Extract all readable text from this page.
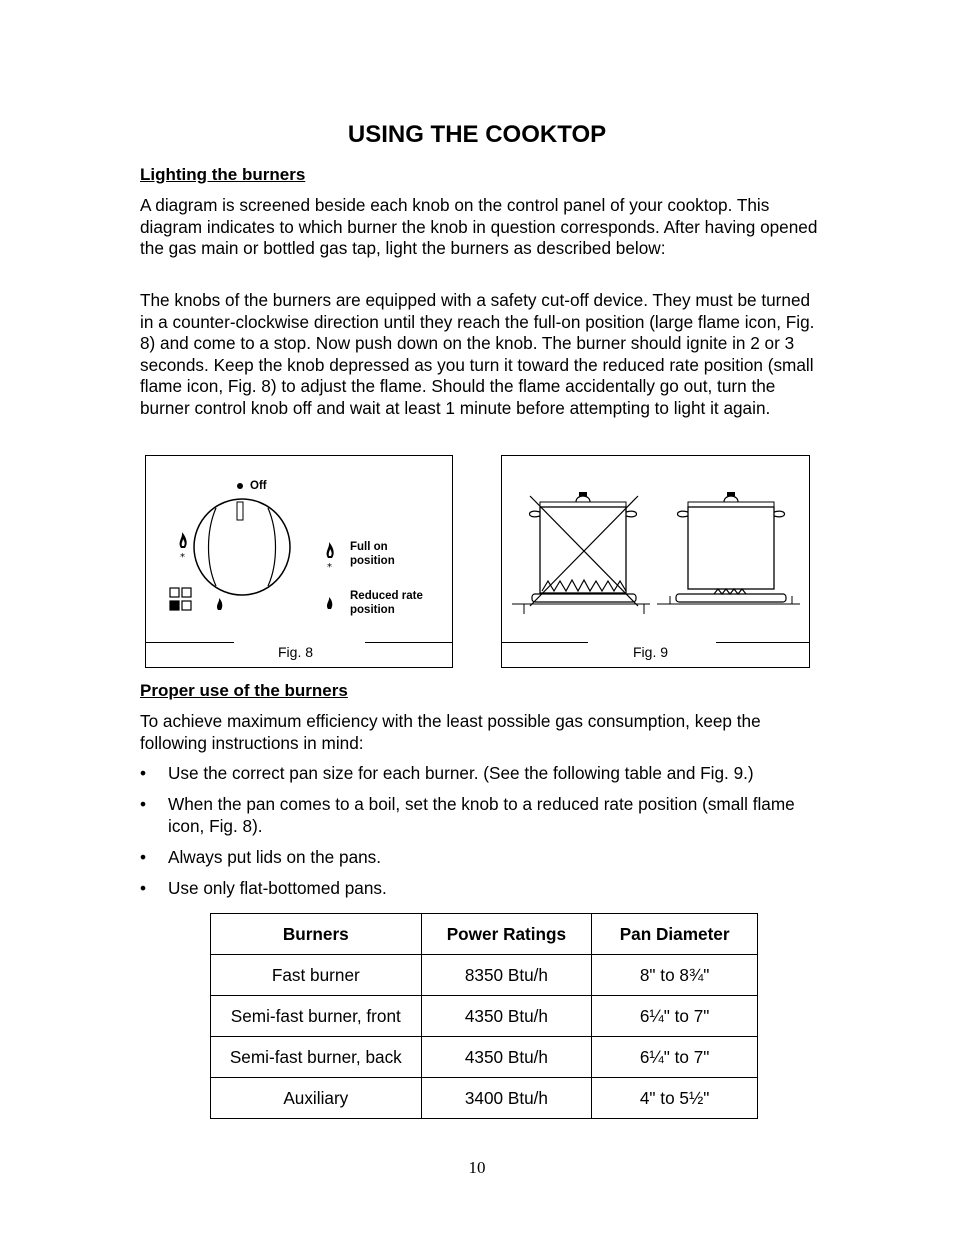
USING THE COOKTOP
Lighting the burners
A diagram is screened beside each knob on the control panel of your cooktop. This diagram indicates to which burner the knob in question corresponds. After having opened the gas main or bottled gas tap, light the burners as described below:
The knobs of the burners are equipped with a safety cut-off device. They must be turned in a counter-clockwise direction until they reach the full-on position (large flame icon, Fig. 8) and come to a stop. Now push down on the knob. The burner should ignite in 2 or 3 seconds. Keep the knob depressed as you turn it toward the reduced rate position (small flame icon, Fig. 8) to adjust the flame. Should the flame accidentally go out, turn the burner control knob off and wait at least 1 minute before attempting to light it again.
*
*
Off
Full on
position
Reduced rate
position
Fig. 8	Fig. 9
Proper use of the burners
To achieve maximum efficiency with the least possible gas consumption, keep the following instructions in mind:
• Use the correct pan size for each burner. (See the following table and Fig. 9.)
• When the pan comes to a boil, set the knob to a reduced rate position (small flame icon, Fig. 8).
• Always put lids on the pans.
• Use only flat-bottomed pans.
Burners	Power Ratings	Pan Diameter
Fast burner	8350 Btu/h	8" to 8¾"
Semi-fast burner, front	4350 Btu/h	6¼" to 7"
Semi-fast burner, back	4350 Btu/h	6¼" to 7"
Auxiliary	3400 Btu/h	4" to 5½"
10
